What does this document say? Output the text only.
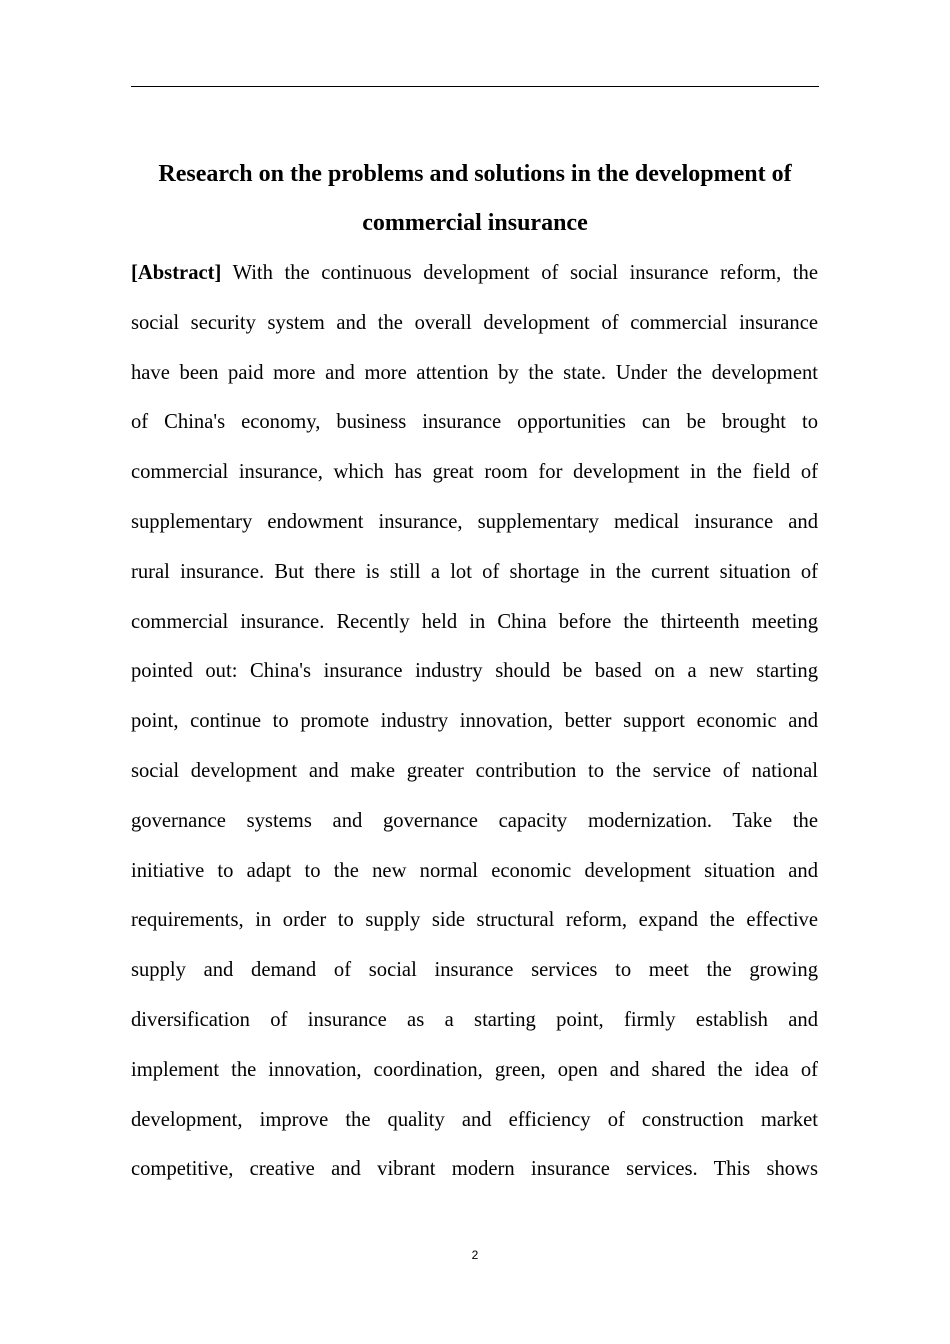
Research on the problems and solutions in the development of
commercial insurance
[Abstract] With the continuous development of social insurance reform, the
social security system and the overall development of commercial insurance
have been paid more and more attention by the state. Under the development
of China's economy, business insurance opportunities can be brought to
commercial insurance, which has great room for development in the field of
supplementary endowment insurance, supplementary medical insurance and
rural insurance. But there is still a lot of shortage in the current situation of
commercial insurance. Recently held in China before the thirteenth meeting
pointed out: China's insurance industry should be based on a new starting
point, continue to promote industry innovation, better support economic and
social development and make greater contribution to the service of national
governance systems and governance capacity modernization. Take the
initiative to adapt to the new normal economic development situation and
requirements, in order to supply side structural reform, expand the effective
supply and demand of social insurance services to meet the growing
diversification of insurance as a starting point, firmly establish and
implement the innovation, coordination, green, open and shared the idea of
development, improve the quality and efficiency of construction market
competitive, creative and vibrant modern insurance services. This shows
2
